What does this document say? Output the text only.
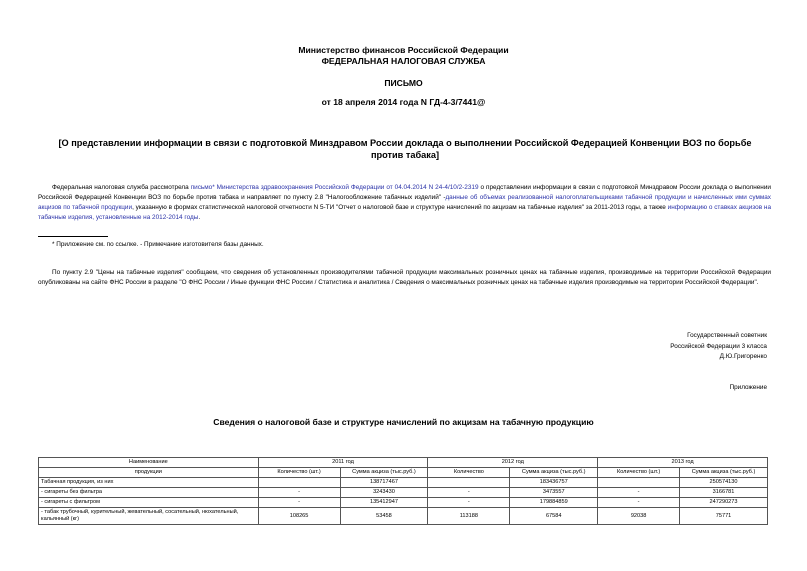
Министерство финансов Российской Федерации
ФЕДЕРАЛЬНАЯ НАЛОГОВАЯ СЛУЖБА
ПИСЬМО
от 18 апреля 2014 года N ГД-4-3/7441@
[О представлении информации в связи с подготовкой Минздравом России доклада о выполнении Российской Федерацией Конвенции ВОЗ по борьбе против табака]
Федеральная налоговая служба рассмотрела письмо* Министерства здравоохранения Российской Федерации от 04.04.2014 N 24-4/10/2-2319 о представлении информации в связи с подготовкой Минздравом России доклада о выполнении Российской Федерацией Конвенции ВОЗ по борьбе против табака и направляет по пункту 2.8 "Налогообложение табачных изделий" -данные об объемах реализованной налогоплательщиками табачной продукции и начисленных ими суммах акцизов по табачной продукции, указанную в формах статистической налоговой отчетности N 5-ТИ "Отчет о налоговой базе и структуре начислений по акцизам на табачные изделия" за 2011-2013 годы, а также информацию о ставках акцизов на табачные изделия, установленные на 2012-2014 годы.
* Приложение см. по ссылке. - Примечание изготовителя базы данных.
По пункту 2.9 "Цены на табачные изделия" сообщаем, что сведения об установленных производителями табачной продукции максимальных розничных ценах на табачные изделия, производимые на территории Российской Федерации опубликованы на сайте ФНС России в разделе "О ФНС России / Иные функции ФНС России / Статистика и аналитика / Сведения о максимальных розничных ценах на табачные изделия производимые на территории Российской Федерации".
Государственный советник
Российской Федерации 3 класса
Д.Ю.Григоренко
Приложение
Сведения о налоговой базе и структуре начислений по акцизам на табачную продукцию
Наименование	2011 год		2012 год		2013 год	
продукции	Количество (шт.)	Сумма акциза (тыс.руб.)	Количество	Сумма акциза (тыс.руб.)	Количество (шт.)	Сумма акциза (тыс.руб.)
Табачная продукция, из них		138717467		183436757		250574130
- сигареты без фильтра	-	3243430	-	3473557	-	3166781
- сигареты с фильтром	-	135412947	-	179884859	-	247290273
- табак трубочный, курительный, жевательный, сосательный, нюхательный, кальянный (кг)	108265	53458	113188	67584	92038	75771
